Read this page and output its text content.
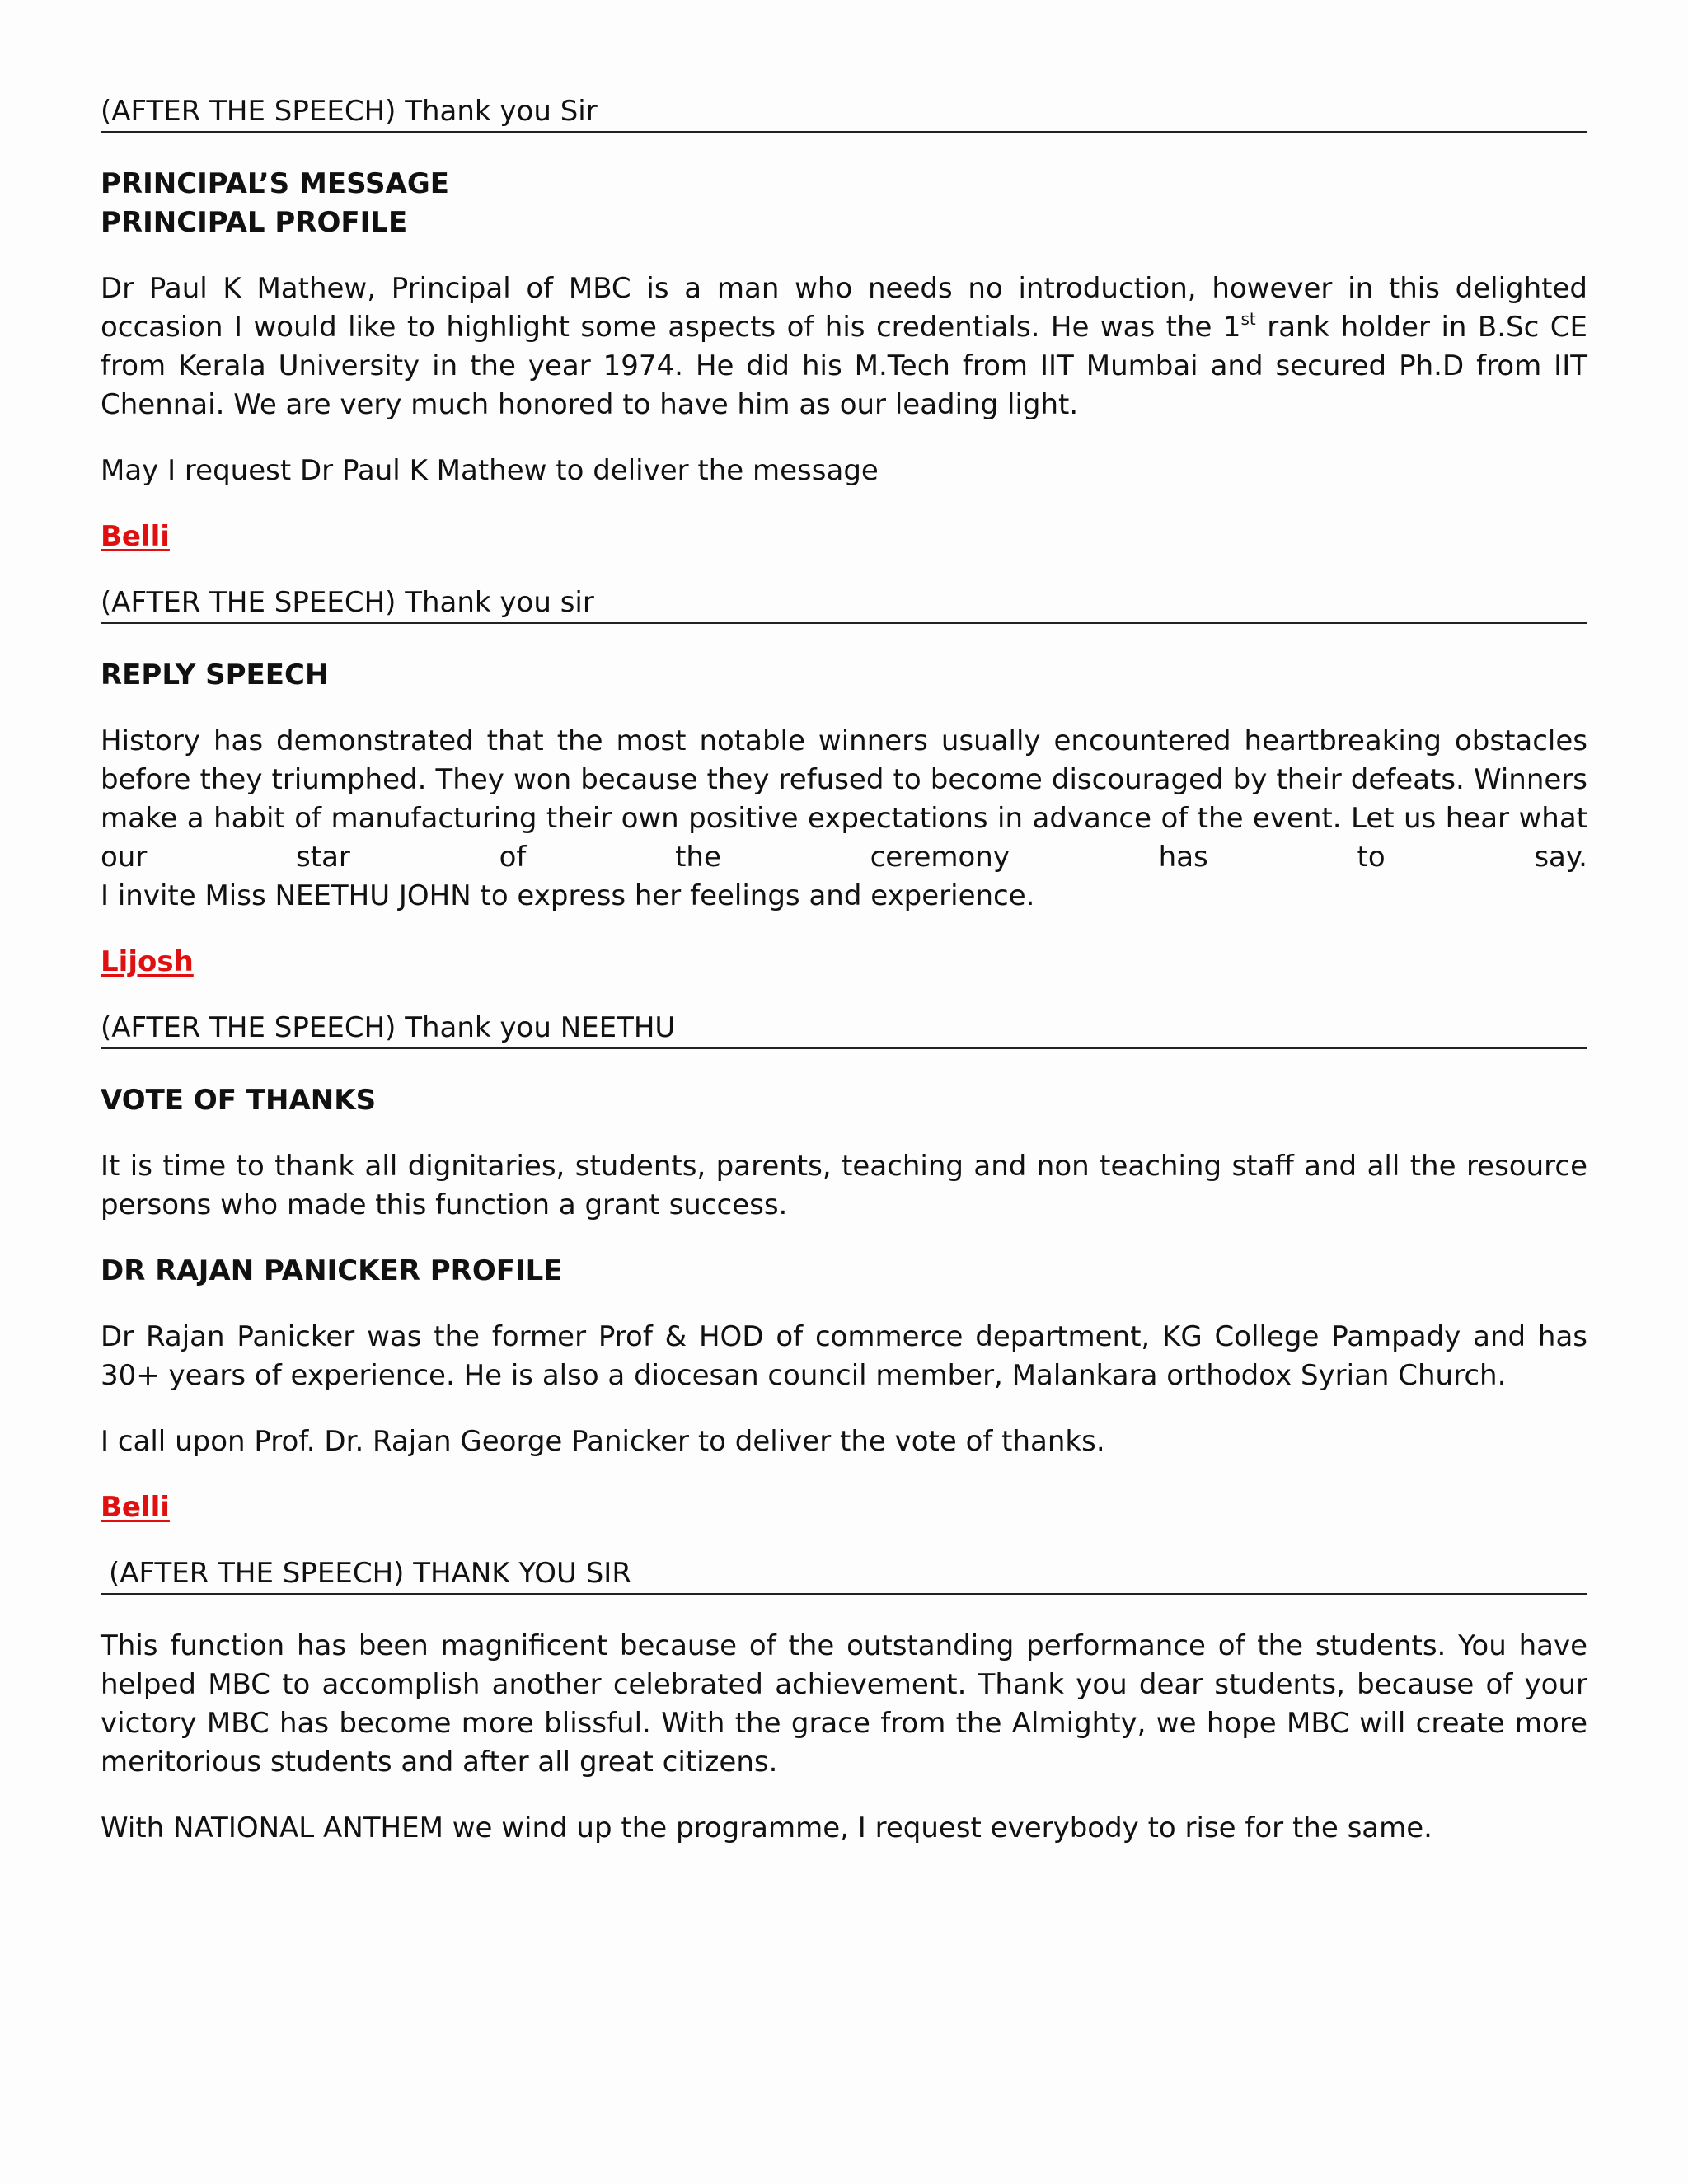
(AFTER THE SPEECH) Thank you Sir
PRINCIPAL’S MESSAGE
PRINCIPAL PROFILE

Dr Paul K Mathew, Principal of MBC is a man who needs no introduction, however in this delighted occasion I would like to highlight some aspects of his credentials. He was the 1st rank holder in B.Sc CE from Kerala University in the year 1974. He did his M.Tech from IIT Mumbai and secured Ph.D from IIT Chennai. We are very much honored to have him as our leading light.

May I request Dr Paul K Mathew to deliver the message

Belli
(AFTER THE SPEECH) Thank you sir
REPLY SPEECH
History has demonstrated that the most notable winners usually encountered heartbreaking obstacles before they triumphed. They won because they refused to become discouraged by their defeats. Winners make a habit of manufacturing their own positive expectations in advance of the event. Let us hear what
our	star	of	the	ceremony	has	to	say.
I invite Miss NEETHU JOHN to express her feelings and experience.
Lijosh
(AFTER THE SPEECH) Thank you NEETHU
VOTE OF THANKS

It is time to thank all dignitaries, students, parents, teaching and non teaching staff and all the resource persons who made this function a grant success.

DR RAJAN PANICKER PROFILE

Dr Rajan Panicker was the former Prof & HOD of commerce department, KG College Pampady and has 30+ years of experience. He is also a diocesan council member, Malankara orthodox Syrian Church.

I call upon Prof. Dr. Rajan George Panicker to deliver the vote of thanks.

Belli
(AFTER THE SPEECH) THANK YOU SIR

This function has been magnificent because of the outstanding performance of the students. You have helped MBC to accomplish another celebrated achievement. Thank you dear students, because of your victory MBC has become more blissful. With the grace from the Almighty, we hope MBC will create more meritorious students and after all great citizens.

With NATIONAL ANTHEM we wind up the programme, I request everybody to rise for the same.
